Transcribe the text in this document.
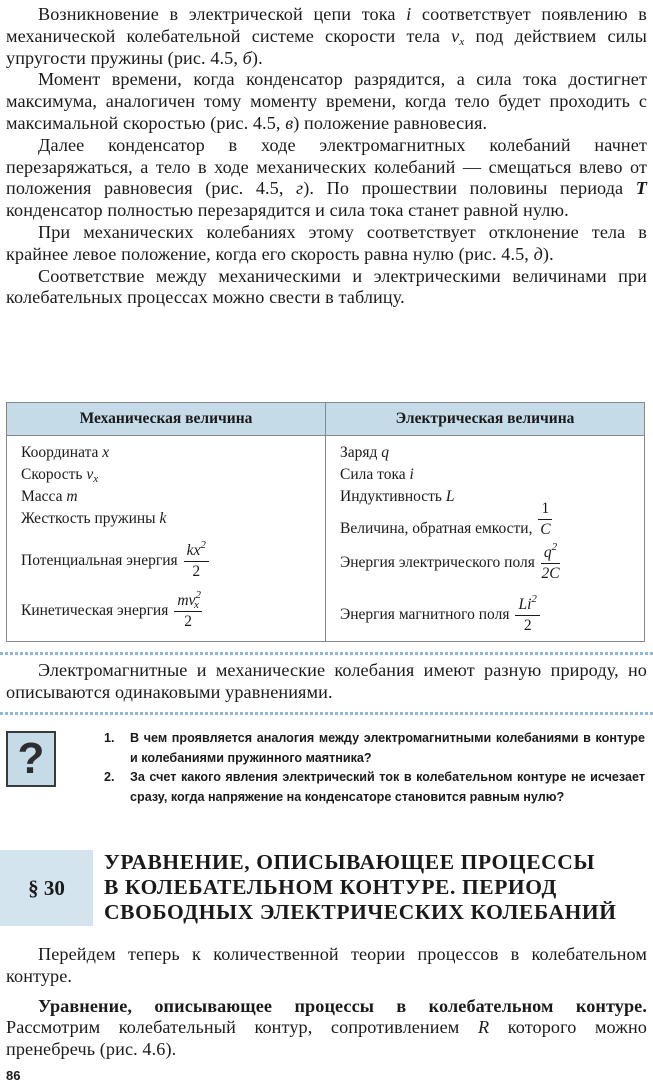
Возникновение в электрической цепи тока i соответствует появлению в механической колебательной системе скорости тела $v_x$ под действием силы упругости пружины (рис. 4.5, б).

Момент времени, когда конденсатор разрядится, а сила тока достигнет максимума, аналогичен тому моменту времени, когда тело будет проходить с максимальной скоростью (рис. 4.5, в) положение равновесия.

Далее конденсатор в ходе электромагнитных колебаний начнет перезаряжаться, а тело в ходе механических колебаний — смещаться влево от положения равновесия (рис. 4.5, г). По прошествии половины периода T конденсатор полностью перезарядится и сила тока станет равной нулю.

При механических колебаниях этому соответствует отклонение тела в крайнее левое положение, когда его скорость равна нулю (рис. 4.5, д).

Соответствие между механическими и электрическими величинами при колебательных процессах можно свести в таблицу.

Механическая величина	Электрическая величина
Координата x
Скорость $v_x$
Масса m
Жесткость пружины k
Потенциальная энергия $\frac{kx^2}{2}$
Кинетическая энергия $\frac{mv^2_x}{2}$
Заряд q
Сила тока i
Индуктивность L
Величина, обратная емкости, $\frac{1}{C}$
Энергия электрического поля $\frac{q^2}{2C}$
Энергия магнитного поля $\frac{Li^2}{2}$

Электромагнитные и механические колебания имеют разную природу, но описываются одинаковыми уравнениями.

?	1. В чем проявляется аналогия между электромагнитными колебаниями в контуре и колебаниями пружинного маятника?
2. За счет какого явления электрический ток в колебательном контуре не исчезает сразу, когда напряжение на конденсаторе становится равным нулю?
§ 30
УРАВНЕНИЕ, ОПИСЫВАЮЩЕЕ ПРОЦЕССЫ
В КОЛЕБАТЕЛЬНОМ КОНТУРЕ. ПЕРИОД
СВОБОДНЫХ ЭЛЕКТРИЧЕСКИХ КОЛЕБАНИЙ

Перейдем теперь к количественной теории процессов в колебательном контуре.

Уравнение, описывающее процессы в колебательном контуре. Рассмотрим колебательный контур, сопротивлением R которого можно пренебречь (рис. 4.6).

86
